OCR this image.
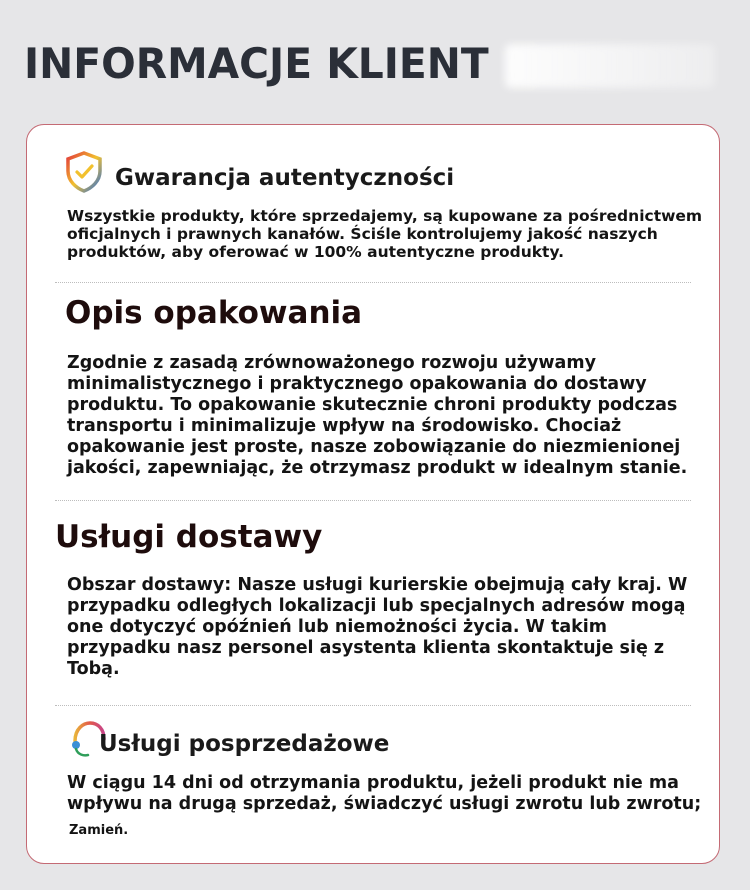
INFORMACJE KLIENT
Gwarancja autentyczności
Wszystkie produkty, które sprzedajemy, są kupowane za pośrednictwem
oficjalnych i prawnych kanałów. Ściśle kontrolujemy jakość naszych
produktów, aby oferować w 100% autentyczne produkty.
Opis opakowania
Zgodnie z zasadą zrównoważonego rozwoju używamy
minimalistycznego i praktycznego opakowania do dostawy
produktu. To opakowanie skutecznie chroni produkty podczas
transportu i minimalizuje wpływ na środowisko. Chociaż
opakowanie jest proste, nasze zobowiązanie do niezmienionej
jakości, zapewniając, że otrzymasz produkt w idealnym stanie.
Usługi dostawy
Obszar dostawy: Nasze usługi kurierskie obejmują cały kraj. W
przypadku odległych lokalizacji lub specjalnych adresów mogą
one dotyczyć opóźnień lub niemożności życia. W takim
przypadku nasz personel asystenta klienta skontaktuje się z
Tobą.
Usługi posprzedażowe
W ciągu 14 dni od otrzymania produktu, jeżeli produkt nie ma
wpływu na drugą sprzedaż, świadczyć usługi zwrotu lub zwrotu;
Zamień.
